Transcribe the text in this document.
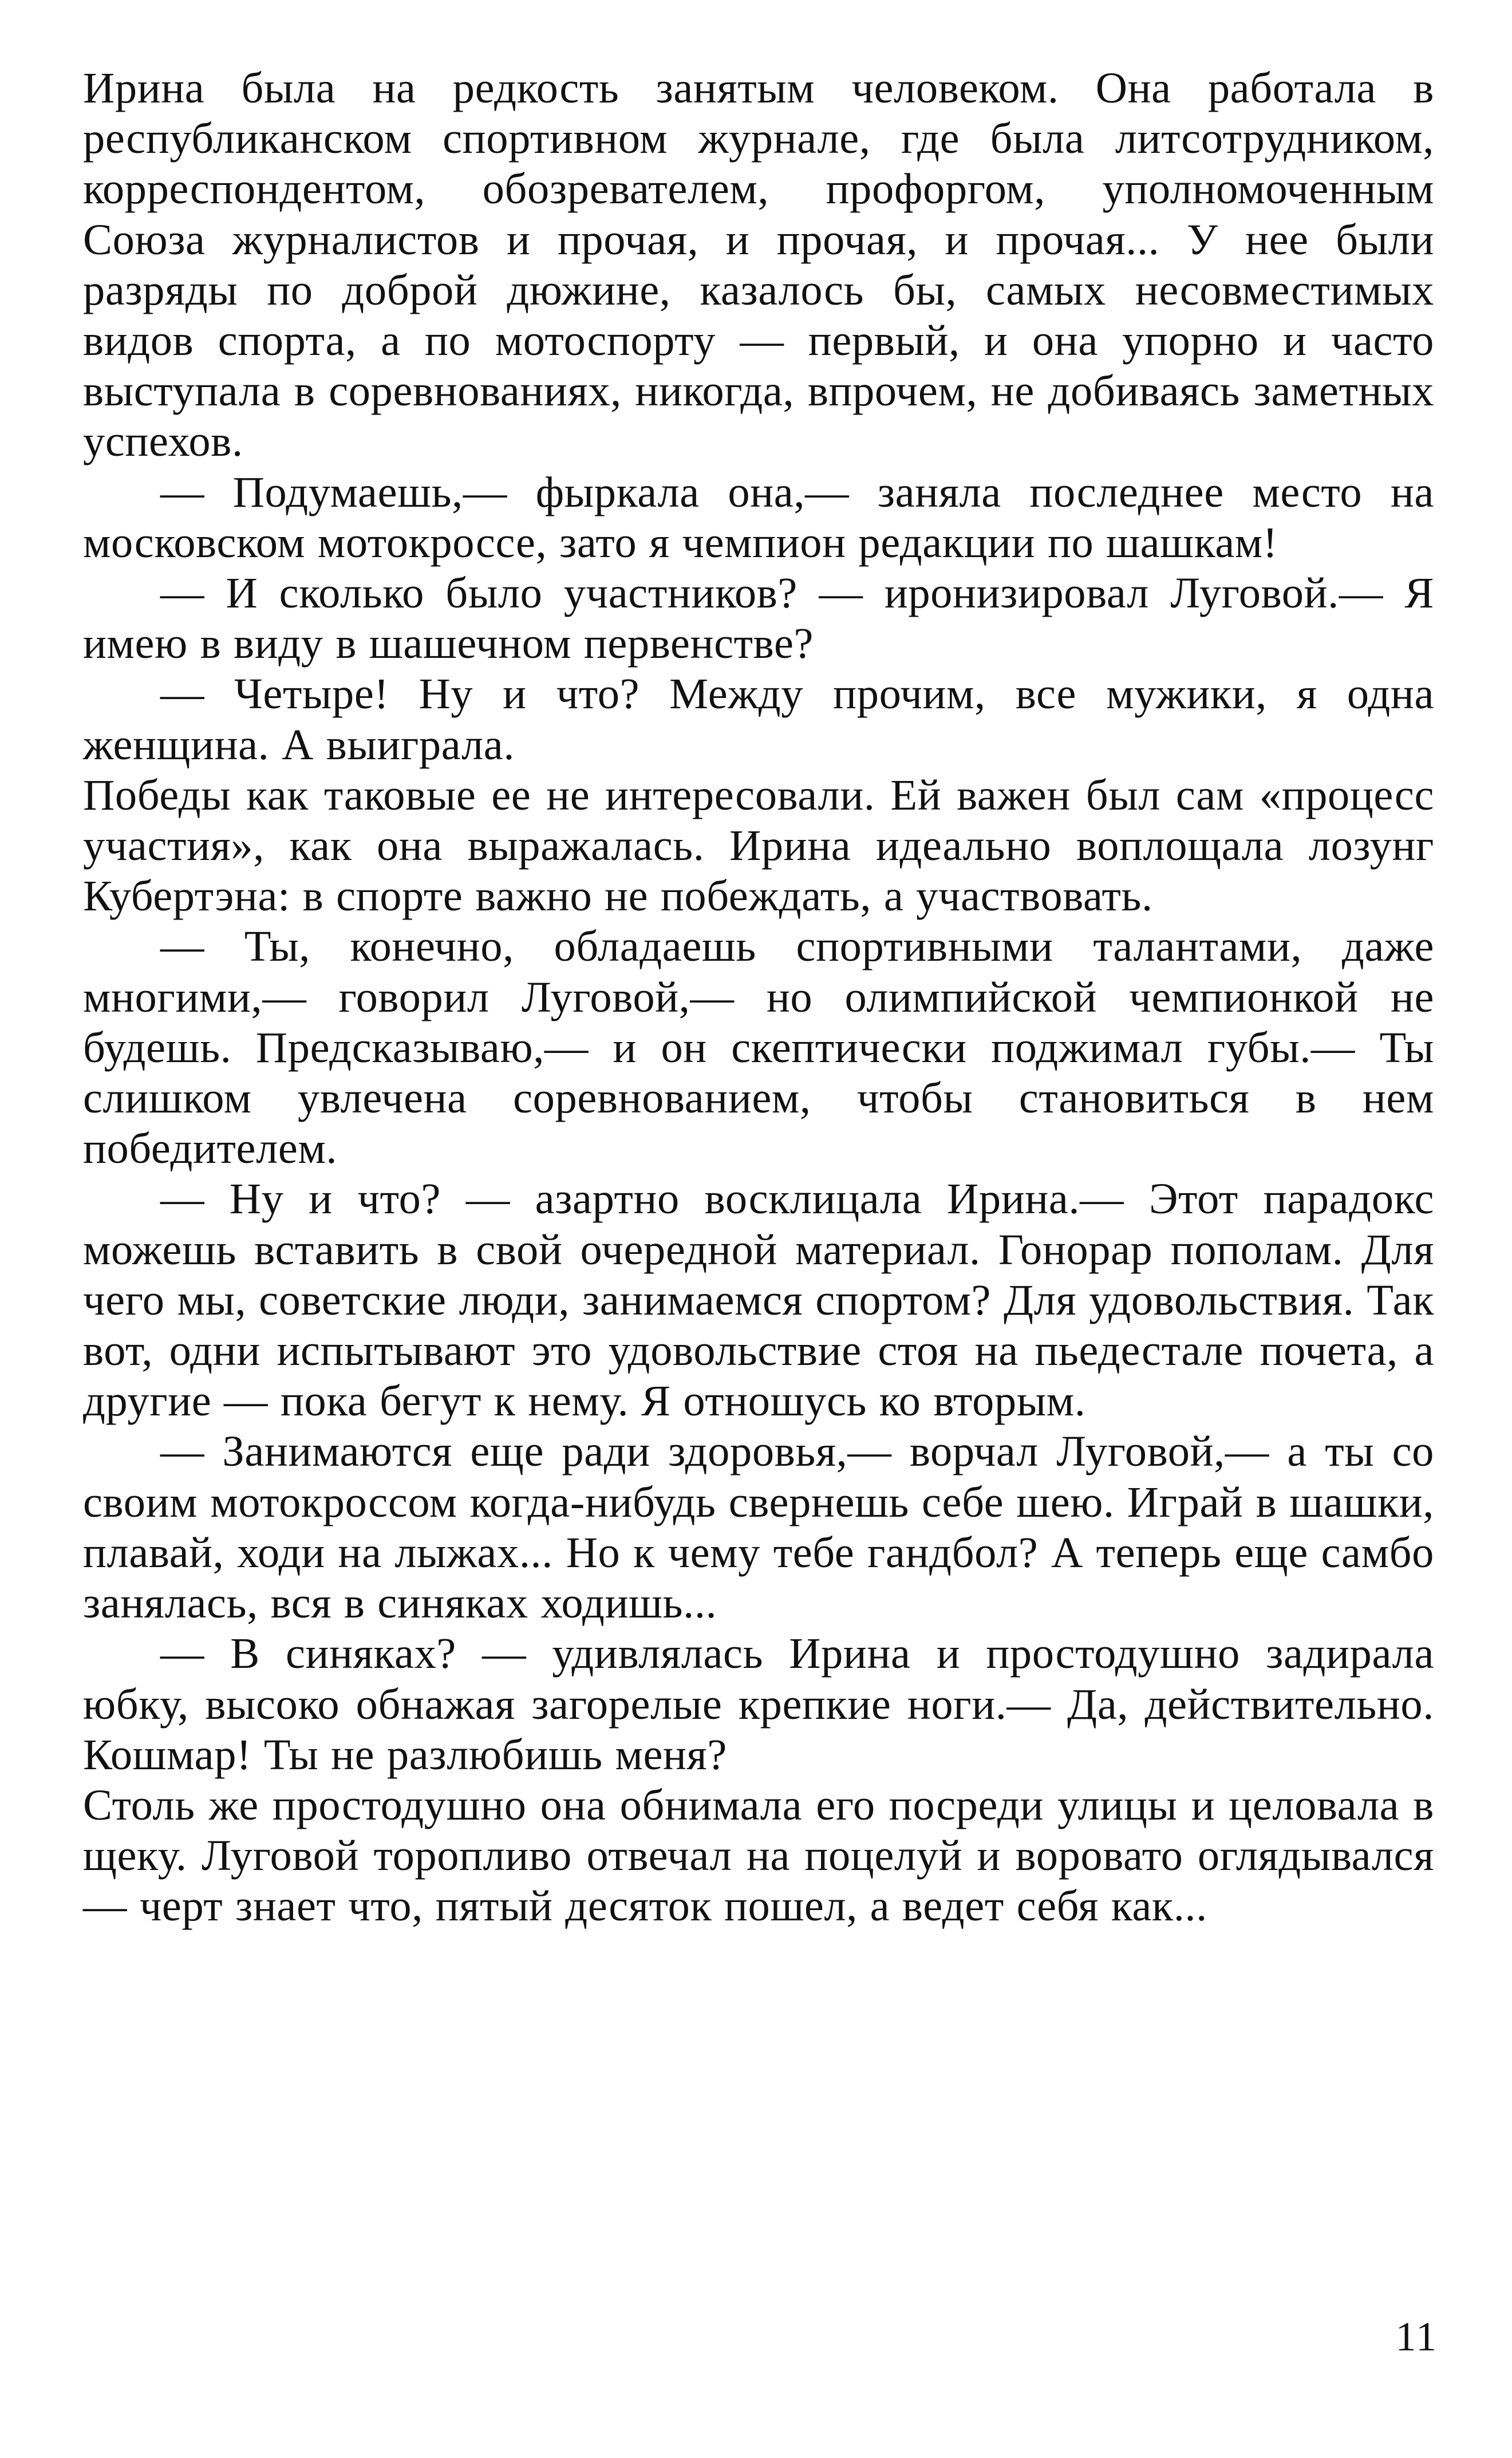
Ирина была на редкость занятым человеком. Она работала в республиканском спортивном журнале, где была литсотрудником, корреспондентом, обозревателем, профоргом, уполномоченным Союза журналистов и прочая, и прочая, и прочая... У нее были разряды по доброй дюжине, казалось бы, самых несовместимых видов спорта, а по мотоспорту — первый, и она упорно и часто выступала в соревнованиях, никогда, впрочем, не добиваясь заметных успехов.

— Подумаешь,— фыркала она,— заняла последнее место на московском мотокроссе, зато я чемпион редакции по шашкам!

— И сколько было участников? — иронизировал Луговой.— Я имею в виду в шашечном первенстве?

— Четыре! Ну и что? Между прочим, все мужики, я одна женщина. А выиграла.

Победы как таковые ее не интересовали. Ей важен был сам «процесс участия», как она выражалась. Ирина идеально воплощала лозунг Кубертэна: в спорте важно не побеждать, а участвовать.

— Ты, конечно, обладаешь спортивными талантами, даже многими,— говорил Луговой,— но олимпийской чемпионкой не будешь. Предсказываю,— и он скептически поджимал губы.— Ты слишком увлечена соревнованием, чтобы становиться в нем победителем.

— Ну и что? — азартно восклицала Ирина.— Этот парадокс можешь вставить в свой очередной материал. Гонорар пополам. Для чего мы, советские люди, занимаемся спортом? Для удовольствия. Так вот, одни испытывают это удовольствие стоя на пьедестале почета, а другие — пока бегут к нему. Я отношусь ко вторым.

— Занимаются еще ради здоровья,— ворчал Луговой,— а ты со своим мотокроссом когда-нибудь свернешь себе шею. Играй в шашки, плавай, ходи на лыжах... Но к чему тебе гандбол? А теперь еще самбо занялась, вся в синяках ходишь...

— В синяках? — удивлялась Ирина и простодушно задирала юбку, высоко обнажая загорелые крепкие ноги.— Да, действительно. Кошмар! Ты не разлюбишь меня?

Столь же простодушно она обнимала его посреди улицы и целовала в щеку. Луговой торопливо отвечал на поцелуй и воровато оглядывался — черт знает что, пятый десяток пошел, а ведет себя как...

11
